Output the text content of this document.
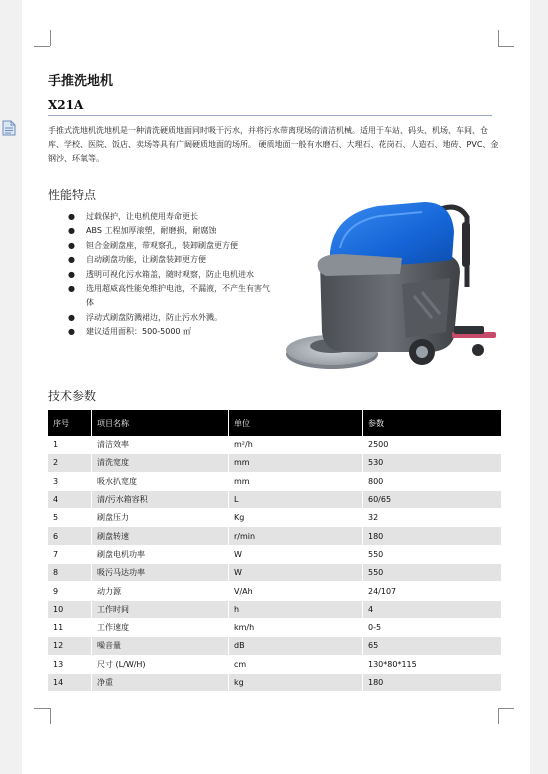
手推洗地机
X21A
手推式洗地机洗地机是一种清洗硬质地面同时吸干污水，并将污水带离现场的清洁机械。适用于车站、码头、机场、车间、仓库、学校、医院、饭店、卖场等具有广阔硬质地面的场所。 硬质地面一般有水磨石、大理石、花岗石、人造石、地砖、PVC、金钢沙、环氧等。
性能特点
● 过载保护，让电机使用寿命更长
● ABS 工程加厚滚塑，耐磨损，耐腐蚀
● 钽合金刷盘座，带观察孔，装卸刷盘更方便
● 自动刷盘功能，让刷盘装卸更方便
● 透明可视化污水箱盖，随时观察，防止电机进水
● 选用超威高性能免维护电池，不漏液，不产生有害气体
● 浮动式刷盘防溅裙边，防止污水外溅。
● 建议适用面积：500-5000 ㎡
技术参数
序号	项目名称	单位	参数
1	清洁效率	m²/h	2500
2	清洗宽度	mm	530
3	吸水扒宽度	mm	800
4	清/污水箱容积	L	60/65
5	刷盘压力	Kg	32
6	刷盘转速	r/min	180
7	刷盘电机功率	W	550
8	吸污马达功率	W	550
9	动力源	V/Ah	24/107
10	工作时间	h	4
11	工作速度	km/h	0-5
12	噪音量	dB	65
13	尺寸 (L/W/H)	cm	130*80*115
14	净重	kg	180
